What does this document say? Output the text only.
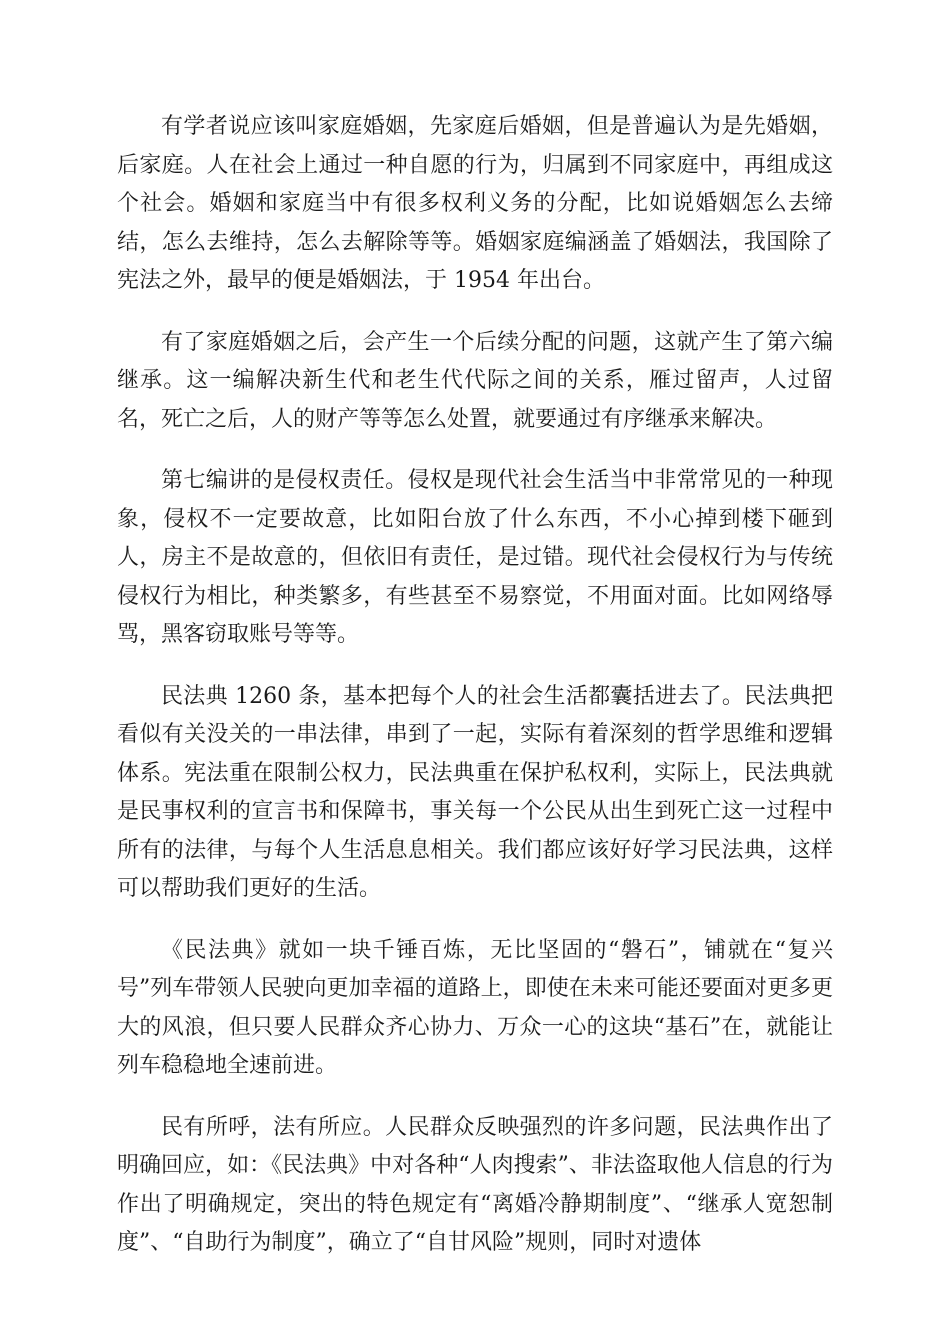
有学者说应该叫家庭婚姻，先家庭后婚姻，但是普遍认为是先婚姻，后家庭。人在社会上通过一种自愿的行为，归属到不同家庭中，再组成这个社会。婚姻和家庭当中有很多权利义务的分配，比如说婚姻怎么去缔结，怎么去维持，怎么去解除等等。婚姻家庭编涵盖了婚姻法，我国除了宪法之外，最早的便是婚姻法，于 1954 年出台。

有了家庭婚姻之后，会产生一个后续分配的问题，这就产生了第六编继承。这一编解决新生代和老生代代际之间的关系，雁过留声，人过留名，死亡之后，人的财产等等怎么处置，就要通过有序继承来解决。

第七编讲的是侵权责任。侵权是现代社会生活当中非常常见的一种现象，侵权不一定要故意，比如阳台放了什么东西，不小心掉到楼下砸到人，房主不是故意的，但依旧有责任，是过错。现代社会侵权行为与传统侵权行为相比，种类繁多，有些甚至不易察觉，不用面对面。比如网络辱骂，黑客窃取账号等等。

民法典 1260 条，基本把每个人的社会生活都囊括进去了。民法典把看似有关没关的一串法律，串到了一起，实际有着深刻的哲学思维和逻辑体系。宪法重在限制公权力，民法典重在保护私权利，实际上，民法典就是民事权利的宣言书和保障书，事关每一个公民从出生到死亡这一过程中所有的法律，与每个人生活息息相关。我们都应该好好学习民法典，这样可以帮助我们更好的生活。

《民法典》就如一块千锤百炼，无比坚固的“磐石”，铺就在“复兴号”列车带领人民驶向更加幸福的道路上，即使在未来可能还要面对更多更大的风浪，但只要人民群众齐心协力、万众一心的这块“基石”在，就能让列车稳稳地全速前进。

民有所呼，法有所应。人民群众反映强烈的许多问题，民法典作出了明确回应，如：《民法典》中对各种“人肉搜索”、非法盗取他人信息的行为作出了明确规定，突出的特色规定有“离婚冷静期制度”、“继承人宽恕制度”、“自助行为制度”，确立了“自甘风险”规则，同时对遗体
